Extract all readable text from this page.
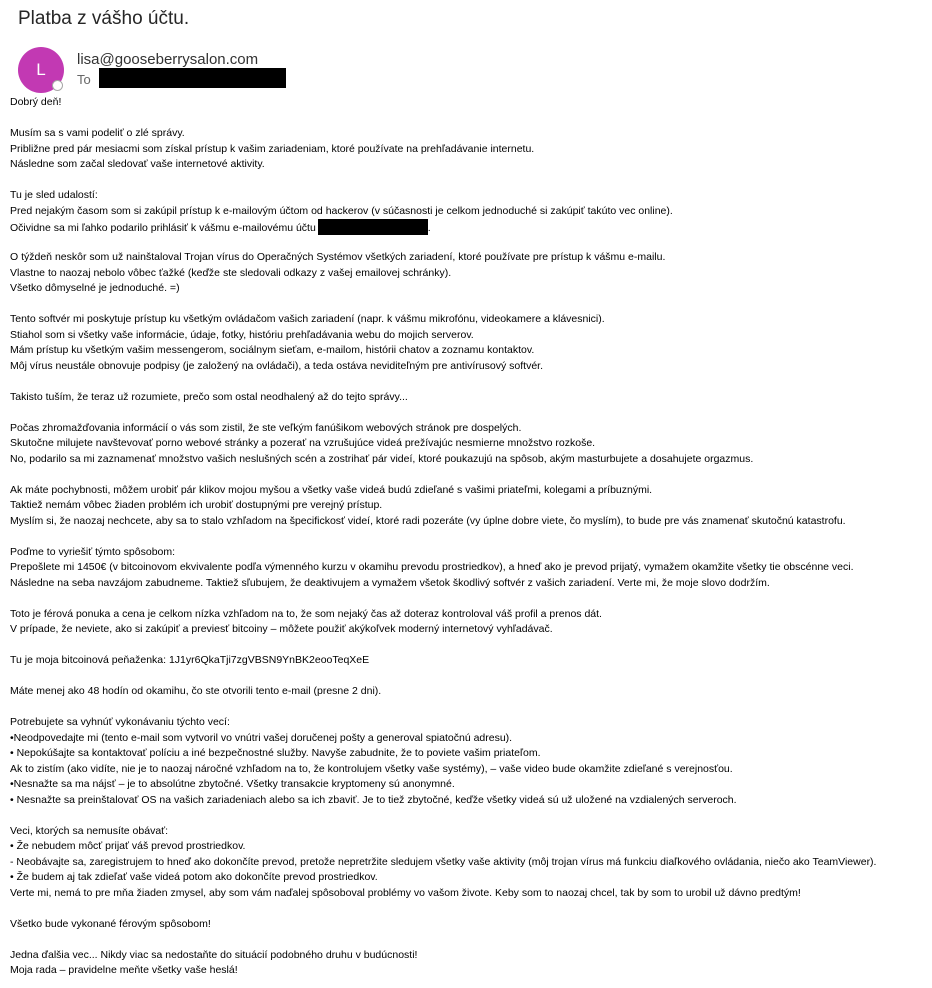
Platba z vášho účtu.
L
lisa@gooseberrysalon.com
To
Dobrý deň!
Musím sa s vami podeliť o zlé správy.
Približne pred pár mesiacmi som získal prístup k vašim zariadeniam, ktoré používate na prehľadávanie internetu.
Následne som začal sledovať vaše internetové aktivity.
Tu je sled udalostí:
Pred nejakým časom som si zakúpil prístup k e-mailovým účtom od hackerov (v súčasnosti je celkom jednoduché si zakúpiť takúto vec online).
Očividne sa mi ľahko podarilo prihlásiť k vášmu e-mailovému účtu	.
O týždeň neskôr som už nainštaloval Trojan vírus do Operačných Systémov všetkých zariadení, ktoré používate pre prístup k vášmu e-mailu.
Vlastne to naozaj nebolo vôbec ťažké (keďže ste sledovali odkazy z vašej emailovej schránky).
Všetko dômyselné je jednoduché. =)
Tento softvér mi poskytuje prístup ku všetkým ovládačom vašich zariadení (napr. k vášmu mikrofónu, videokamere a klávesnici).
Stiahol som si všetky vaše informácie, údaje, fotky, históriu prehľadávania webu do mojich serverov.
Mám prístup ku všetkým vašim messengerom, sociálnym sieťam, e-mailom, histórii chatov a zoznamu kontaktov.
Môj vírus neustále obnovuje podpisy (je založený na ovládači), a teda ostáva neviditeľným pre antivírusový softvér.
Takisto tuším, že teraz už rozumiete, prečo som ostal neodhalený až do tejto správy...
Počas zhromažďovania informácií o vás som zistil, že ste veľkým fanúšikom webových stránok pre dospelých.
Skutočne milujete navštevovať porno webové stránky a pozerať na vzrušujúce videá prežívajúc nesmierne množstvo rozkoše.
No, podarilo sa mi zaznamenať množstvo vašich neslušných scén a zostrihať pár videí, ktoré poukazujú na spôsob, akým masturbujete a dosahujete orgazmus.
Ak máte pochybnosti, môžem urobiť pár klikov mojou myšou a všetky vaše videá budú zdieľané s vašimi priateľmi, kolegami a príbuznými.
Taktiež nemám vôbec žiaden problém ich urobiť dostupnými pre verejný prístup.
Myslím si, že naozaj nechcete, aby sa to stalo vzhľadom na špecifickosť videí, ktoré radi pozeráte (vy úplne dobre viete, čo myslím), to bude pre vás znamenať skutočnú katastrofu.
Poďme to vyriešiť týmto spôsobom:
Prepošlete mi 1450€ (v bitcoinovom ekvivalente podľa výmenného kurzu v okamihu prevodu prostriedkov), a hneď ako je prevod prijatý, vymažem okamžite všetky tie obscénne veci.
Následne na seba navzájom zabudneme. Taktiež sľubujem, že deaktivujem a vymažem všetok škodlivý softvér z vašich zariadení. Verte mi, že moje slovo dodržím.
Toto je férová ponuka a cena je celkom nízka vzhľadom na to, že som nejaký čas až doteraz kontroloval váš profil a prenos dát.
V prípade, že neviete, ako si zakúpiť a previesť bitcoiny – môžete použiť akýkoľvek moderný internetový vyhľadávač.
Tu je moja bitcoinová peňaženka: 1J1yr6QkaTji7zgVBSN9YnBK2eooTeqXeE
Máte menej ako 48 hodín od okamihu, čo ste otvorili tento e-mail (presne 2 dni).
Potrebujete sa vyhnúť vykonávaniu týchto vecí:
•Neodpovedajte mi (tento e-mail som vytvoril vo vnútri vašej doručenej pošty a generoval spiatočnú adresu).
• Nepokúšajte sa kontaktovať políciu a iné bezpečnostné služby. Navyše zabudnite, že to poviete vašim priateľom.
Ak to zistím (ako vidíte, nie je to naozaj náročné vzhľadom na to, že kontrolujem všetky vaše systémy), – vaše video bude okamžite zdieľané s verejnosťou.
•Nesnažte sa ma nájsť – je to absolútne zbytočné. Všetky transakcie kryptomeny sú anonymné.
• Nesnažte sa preinštalovať OS na vašich zariadeniach alebo sa ich zbaviť. Je to tiež zbytočné, keďže všetky videá sú už uložené na vzdialených serveroch.
Veci, ktorých sa nemusíte obávať:
• Že nebudem môcť prijať váš prevod prostriedkov.
- Neobávajte sa, zaregistrujem to hneď ako dokončíte prevod, pretože nepretržite sledujem všetky vaše aktivity (môj trojan vírus má funkciu diaľkového ovládania, niečo ako TeamViewer).
• Že budem aj tak zdieľať vaše videá potom ako dokončíte prevod prostriedkov.
Verte mi, nemá to pre mňa žiaden zmysel, aby som vám naďalej spôsoboval problémy vo vašom živote. Keby som to naozaj chcel, tak by som to urobil už dávno predtým!
Všetko bude vykonané férovým spôsobom!
Jedna ďalšia vec... Nikdy viac sa nedostaňte do situácií podobného druhu v budúcnosti!
Moja rada – pravidelne meňte všetky vaše heslá!
